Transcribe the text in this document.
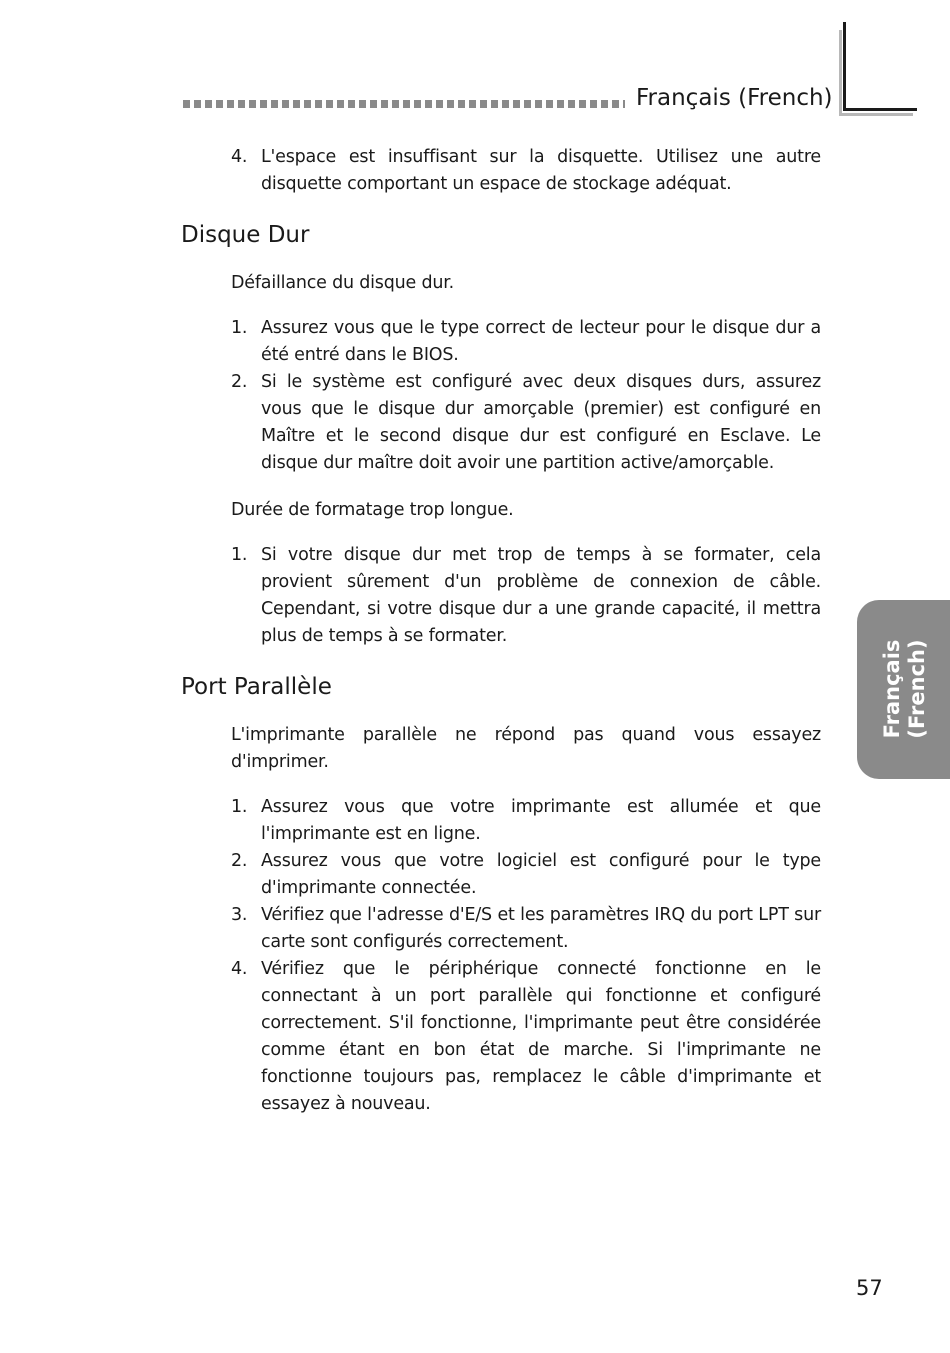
Français (French)
4. L'espace est insuffisant sur la disquette. Utilisez une autre disquette comportant un espace de stockage adéquat.
Disque Dur
Défaillance du disque dur.
1. Assurez vous que le type correct de lecteur pour le disque dur a été entré dans le BIOS.
2. Si le système est configuré avec deux disques durs, assurez vous que le disque dur amorçable (premier) est configuré en Maître et le second disque dur est configuré en Esclave. Le disque dur maître doit avoir une partition active/amorçable.
Durée de formatage trop longue.
1. Si votre disque dur met trop de temps à se formater, cela provient sûrement d'un problème de connexion de câble. Cependant, si votre disque dur a une grande capacité, il mettra plus de temps à se formater.
Port Parallèle
L'imprimante parallèle ne répond pas quand vous essayez d'imprimer.
1. Assurez vous que votre imprimante est allumée et que l'imprimante est en ligne.
2. Assurez vous que votre logiciel est configuré pour le type d'imprimante connectée.
3. Vérifiez que l'adresse d'E/S et les paramètres IRQ du port LPT sur carte sont configurés correctement.
4. Vérifiez que le périphérique connecté fonctionne en le connectant à un port parallèle qui fonctionne et configuré correctement. S'il fonctionne, l'imprimante peut être considérée comme étant en bon état de marche. Si l'imprimante ne fonctionne toujours pas, remplacez le câble d'imprimante et essayez à nouveau.
Français (French)
57
